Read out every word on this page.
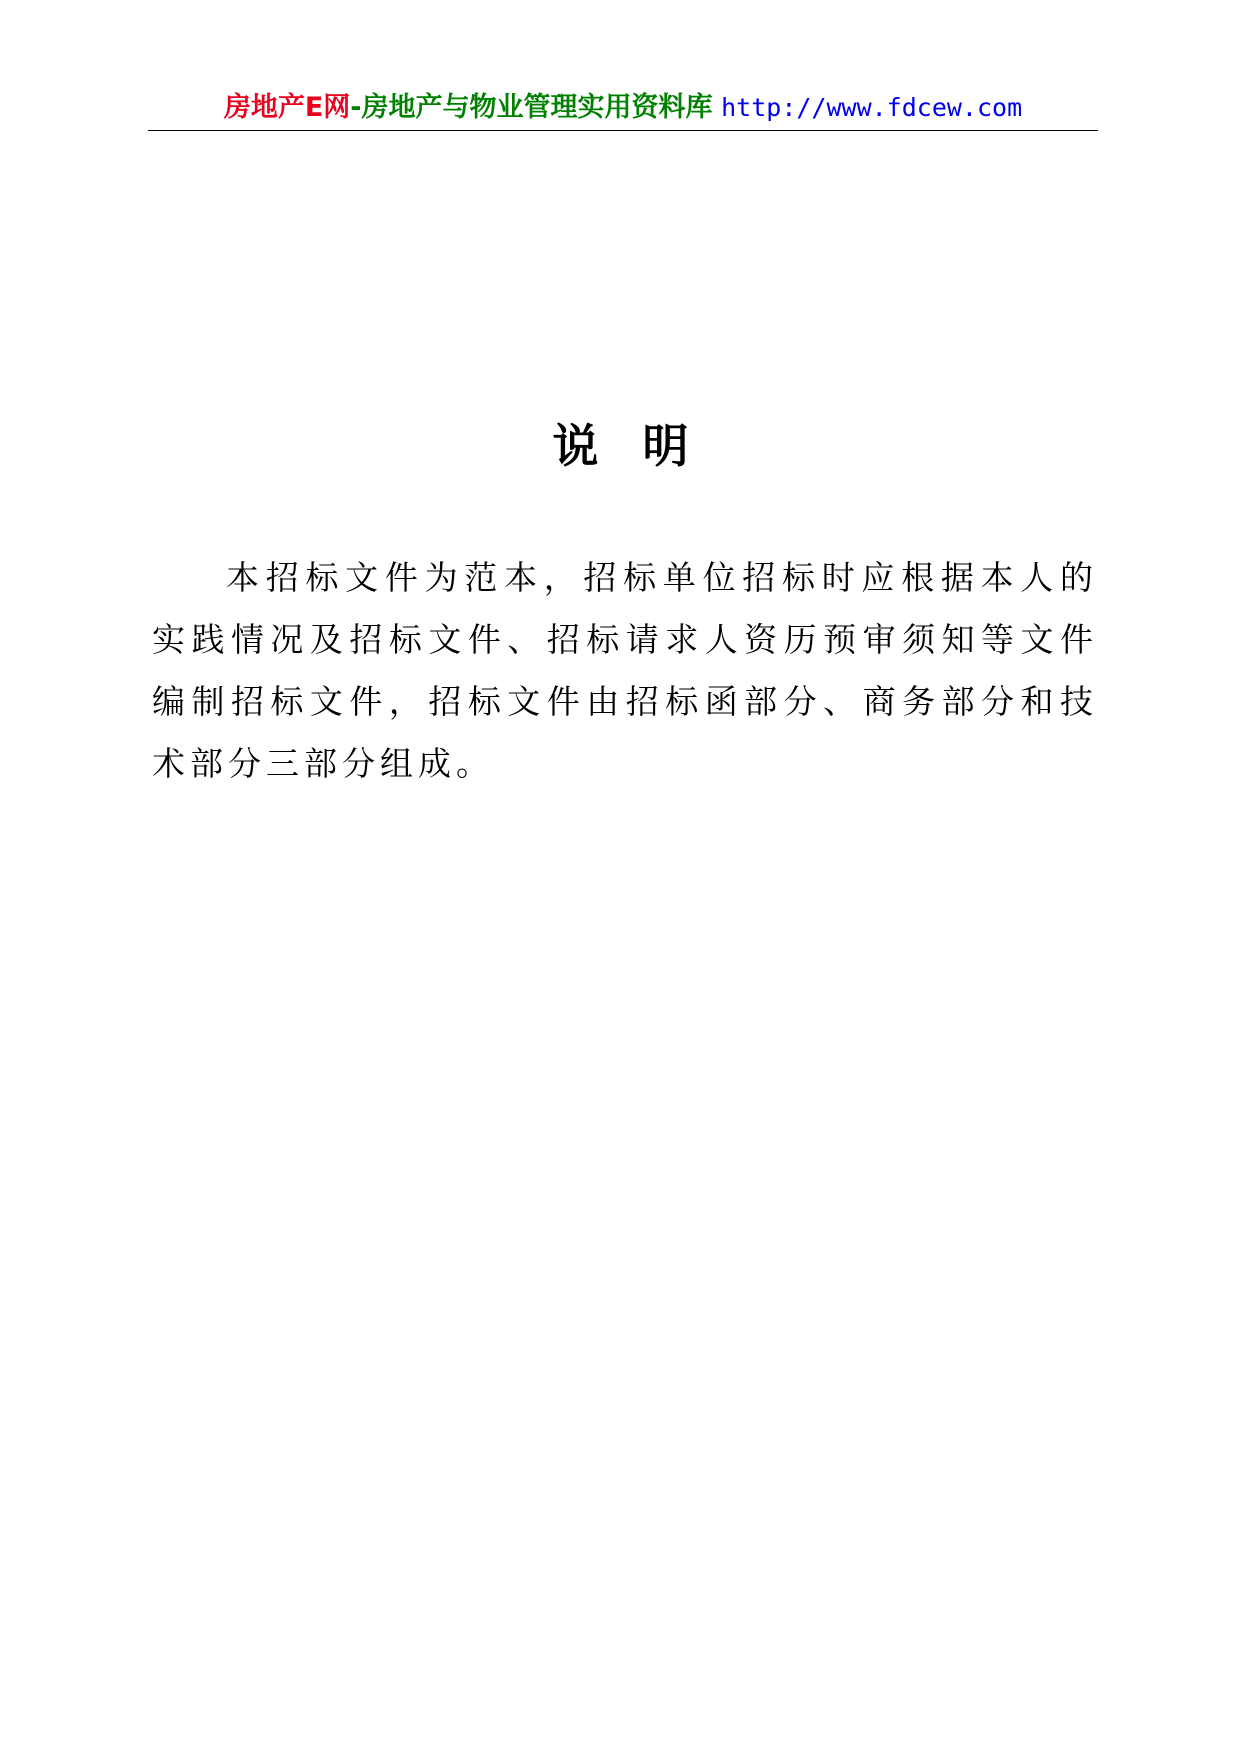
房地产E网-房地产与物业管理实用资料库 http://www.fdcew.com
说明
本招标文件为范本，招标单位招标时应根据本人的实践情况及招标文件、招标请求人资历预审须知等文件编制招标文件，招标文件由招标函部分、商务部分和技术部分三部分组成。
